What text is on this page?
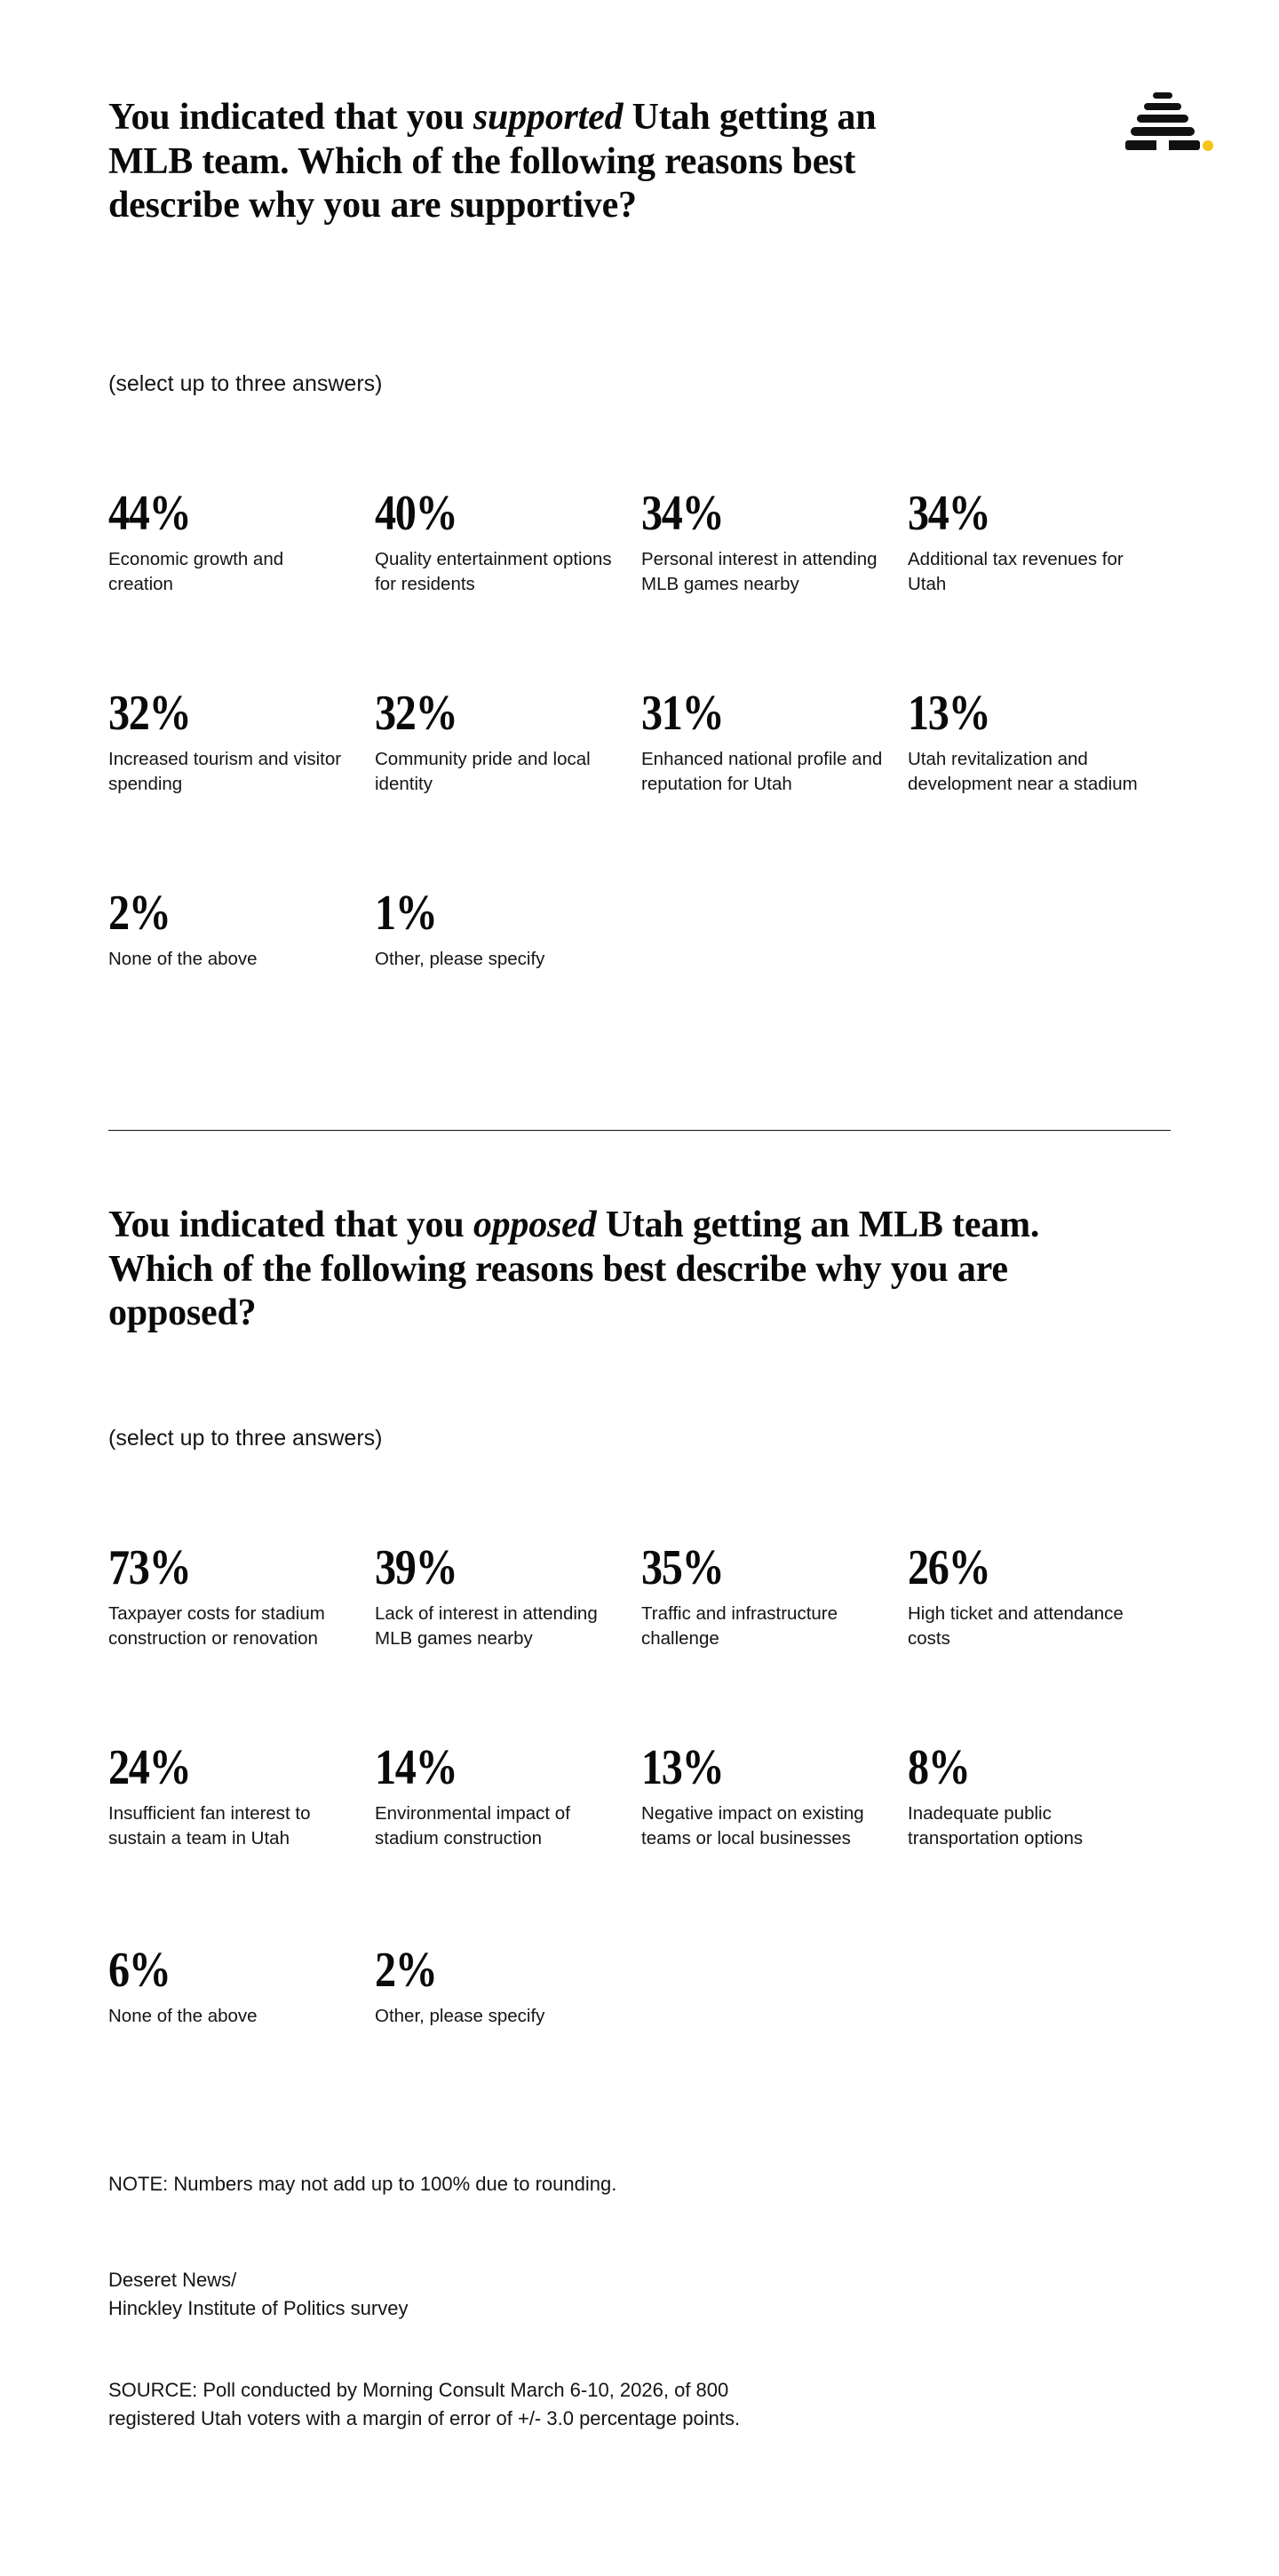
You indicated that you supported Utah getting an MLB team. Which of the following reasons best describe why you are supportive?

(select up to three answers)

44%

Economic growth and creation

40%

Quality entertainment options for residents

34%

Personal interest in attending MLB games nearby

34%

Additional tax revenues for Utah

32%

Increased tourism and visitor spending

32%

Community pride and local identity

31%

Enhanced national profile and reputation for Utah

13%

Utah revitalization and development near a stadium

2%

None of the above

1%

Other, please specify

You indicated that you opposed Utah getting an MLB team. Which of the following reasons best describe why you are opposed?

(select up to three answers)

73%

Taxpayer costs for stadium construction or renovation

39%

Lack of interest in attending MLB games nearby

35%

Traffic and infrastructure challenge

26%

High ticket and attendance costs

24%

Insufficient fan interest to sustain a team in Utah

14%

Environmental impact of stadium construction

13%

Negative impact on existing teams or local businesses

8%

Inadequate public transportation options

6%

None of the above

2%

Other, please specify

NOTE: Numbers may not add up to 100% due to rounding.

Deseret News/

Hinckley Institute of Politics survey

SOURCE: Poll conducted by Morning Consult March 6-10, 2026, of 800

registered Utah voters with a margin of error of +/- 3.0 percentage points.
